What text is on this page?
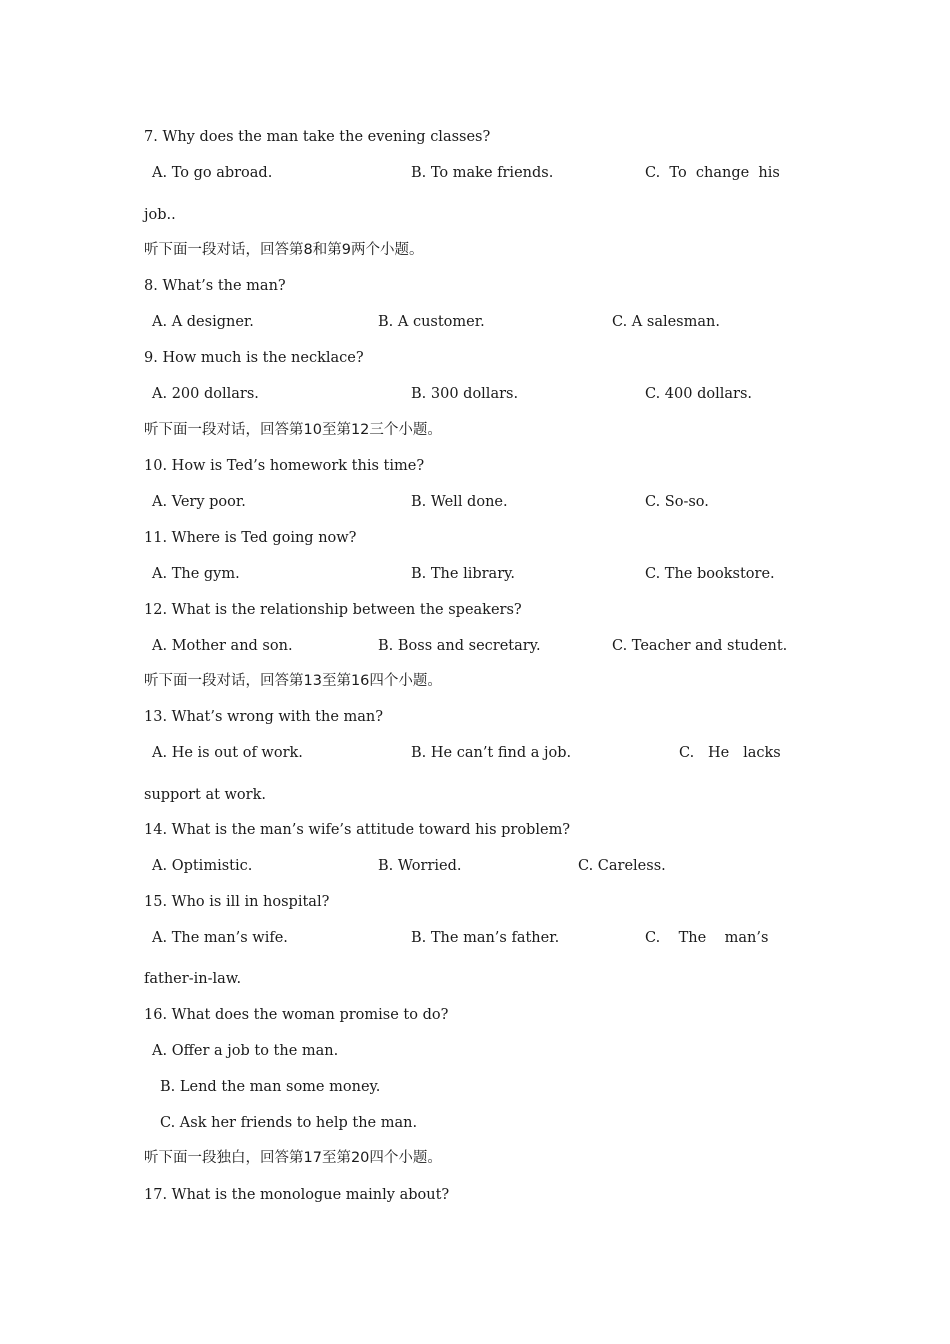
7. Why does the man take the evening classes?
A. To go abroad.	B. To make friends.	C.  To  change  his
job..
听下面一段对话，回答第8和第9两个小题。
8. What’s the man?
A. A designer.	B. A customer.	C. A salesman.
9. How much is the necklace?
A. 200 dollars.	B. 300 dollars.	C. 400 dollars.
听下面一段对话，回答第10至第12三个小题。
10. How is Ted’s homework this time?
A. Very poor.	B. Well done.	C. So-so.
11. Where is Ted going now?
A. The gym.	B. The library.	C. The bookstore.
12. What is the relationship between the speakers?
A. Mother and son.	B. Boss and secretary.	C. Teacher and student.
听下面一段对话，回答第13至第16四个小题。
13. What’s wrong with the man?
A. He is out of work.	B. He can’t find a job.	C.   He   lacks
support at work.
14. What is the man’s wife’s attitude toward his problem?
A. Optimistic.	B. Worried.	C. Careless.
15. Who is ill in hospital?
A. The man’s wife.	B. The man’s father.	C.    The    man’s
father-in-law.
16. What does the woman promise to do?
A. Offer a job to the man.
B. Lend the man some money.
C. Ask her friends to help the man.
听下面一段独白，回答第17至第20四个小题。
17. What is the monologue mainly about?
